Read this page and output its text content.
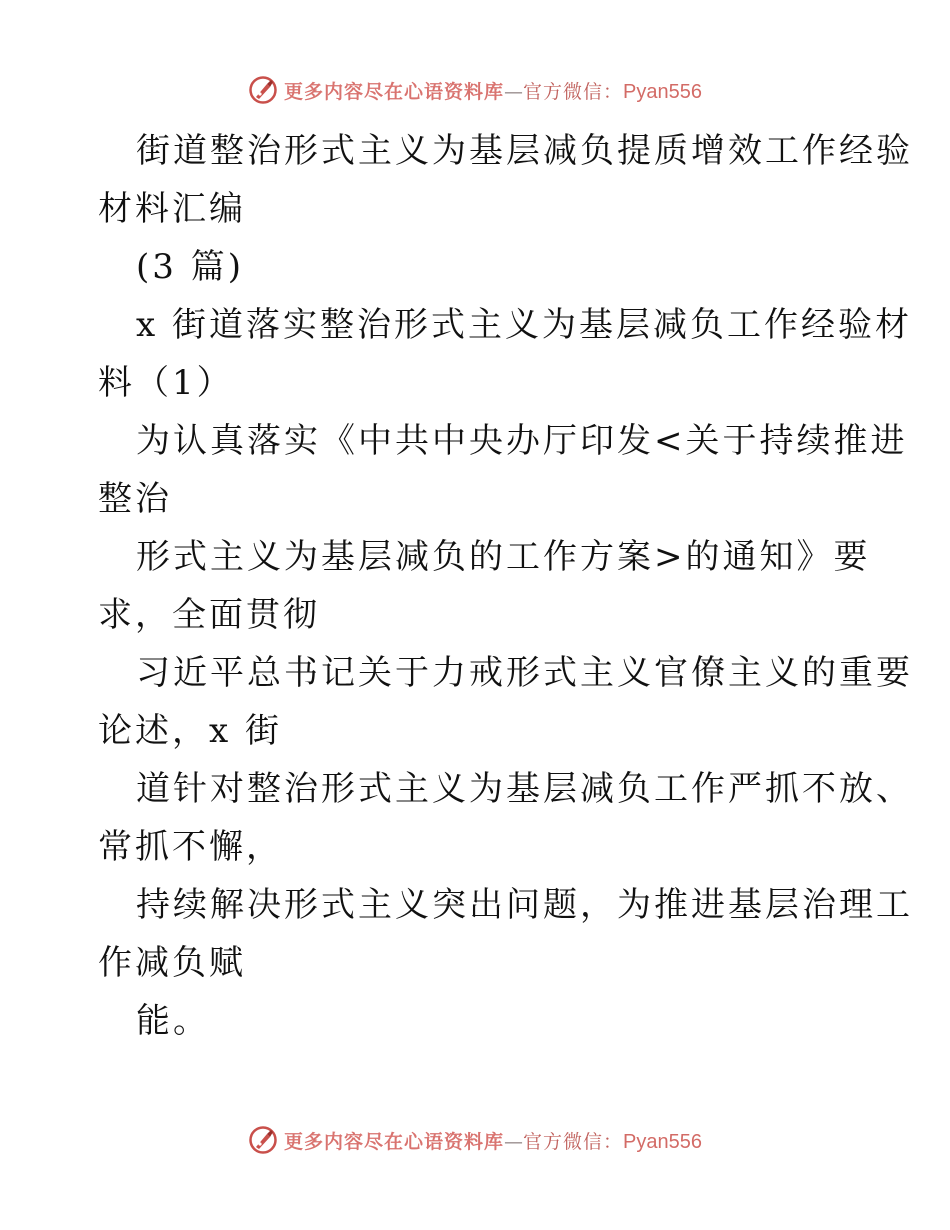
更多内容尽在心语资料库 — 官方微信： Pyan556
街道整治形式主义为基层减负提质增效工作经验
材料汇编
(3 篇)
x 街道落实整治形式主义为基层减负工作经验材
料（1）
为认真落实《中共中央办厅印发<关于持续推进
整治
形式主义为基层减负的工作方案>的通知》要
求，全面贯彻
习近平总书记关于力戒形式主义官僚主义的重要
论述，x 街
道针对整治形式主义为基层减负工作严抓不放、
常抓不懈，
持续解决形式主义突出问题，为推进基层治理工
作减负赋
能。
更多内容尽在心语资料库 — 官方微信： Pyan556
